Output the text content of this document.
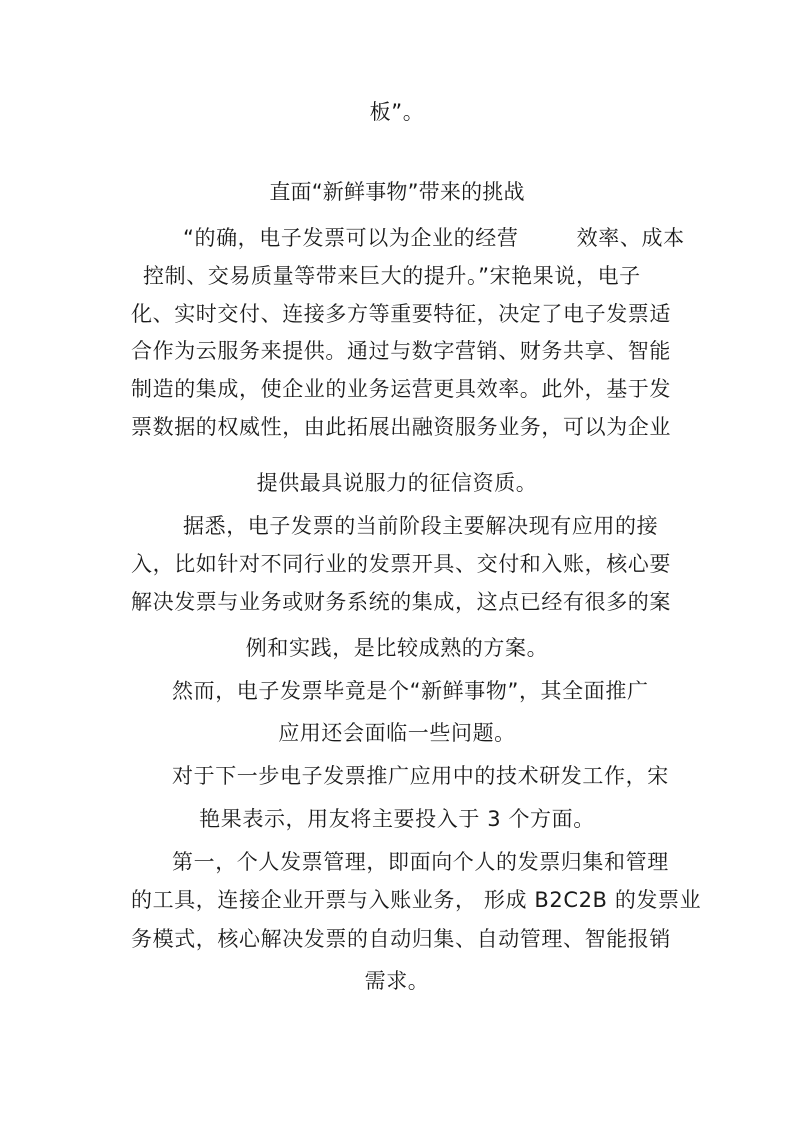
板”。
直面“新鲜事物”带来的挑战
“的确，电子发票可以为企业的经营        效率、成本
控制、交易质量等带来巨大的提升。”宋艳果说，电子
化、实时交付、连接多方等重要特征，决定了电子发票适
合作为云服务来提供。通过与数字营销、财务共享、智能
制造的集成，使企业的业务运营更具效率。此外，基于发
票数据的权威性，由此拓展出融资服务业务，可以为企业
提供最具说服力的征信资质。
据悉，电子发票的当前阶段主要解决现有应用的接
入，比如针对不同行业的发票开具、交付和入账，核心要
解决发票与业务或财务系统的集成，这点已经有很多的案
例和实践，是比较成熟的方案。
然而，电子发票毕竟是个“新鲜事物”，其全面推广
应用还会面临一些问题。
对于下一步电子发票推广应用中的技术研发工作，宋
艳果表示，用友将主要投入于 3 个方面。
第一，个人发票管理，即面向个人的发票归集和管理
的工具，连接企业开票与入账业务， 形成 B2C2B 的发票业
务模式，核心解决发票的自动归集、自动管理、智能报销
需求。
